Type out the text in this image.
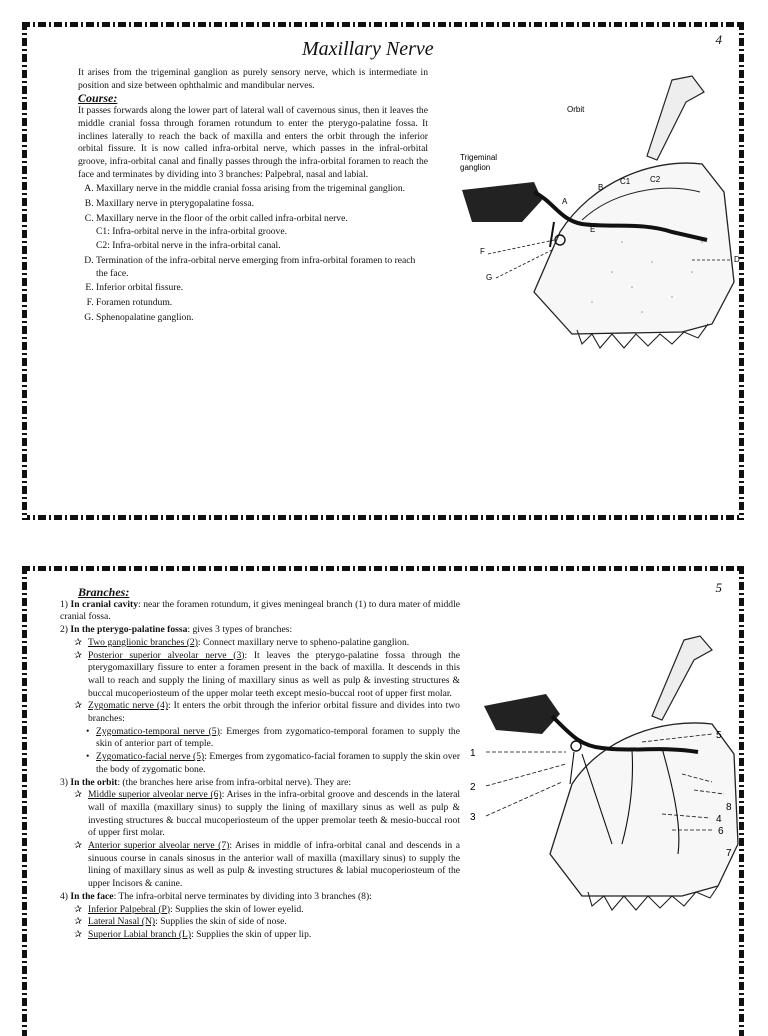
4
Maxillary Nerve

It arises from the trigeminal ganglion as purely sensory nerve, which is intermediate in position and size between ophthalmic and mandibular nerves.

Course:

It passes forwards along the lower part of lateral wall of cavernous sinus, then it leaves the middle cranial fossa through foramen rotundum to enter the pterygo-palatine fossa. It inclines laterally to reach the back of maxilla and enters the orbit through the inferior orbital fissure. It is now called infra-orbital nerve, which passes in the infral-orbital groove, infra-orbital canal and finally passes through the infra-orbital foramen to reach the face and terminates by dividing into 3 branches: Palpebral, nasal and labial.

A. Maxillary nerve in the middle cranial fossa arising from the trigeminal ganglion.
B. Maxillary nerve in pterygopalatine fossa.
C. Maxillary nerve in the floor of the orbit called infra-orbital nerve.
C1: Infra-orbital nerve in the infra-orbital groove.
C2: Infra-orbital nerve in the infra-orbital canal.
D. Termination of the infra-orbital nerve emerging from infra-orbital foramen to reach the face.
E. Inferior orbital fissure.
F. Foramen rotundum.
G. Sphenopalatine ganglion.
Orbit
Trigeminal
ganglion
A
B
C1 C2
D
E
F
G
5
Branches:

1) In cranial cavity: near the foramen rotundum, it gives meningeal branch (1) to dura mater of middle cranial fossa.

2) In the pterygo-palatine fossa: gives 3 types of branches:

✰ Two ganglionic branches (2): Connect maxillary nerve to spheno-palatine ganglion.

✰ Posterior superior alveolar nerve (3): It leaves the pterygo-palatine fossa through the pterygomaxillary fissure to enter a foramen present in the back of maxilla. It descends in this wall to reach and supply the lining of maxillary sinus as well as pulp & investing structures & buccal mucoperiosteum of the upper molar teeth except mesio-buccal root of upper first molar.

✰ Zygomatic nerve (4): It enters the orbit through the inferior orbital fissure and divides into two branches:

• Zygomatico-temporal nerve (5): Emerges from zygomatico-temporal foramen to supply the skin of anterior part of temple.

• Zygomatico-facial nerve (5): Emerges from zygomatico-facial foramen to supply the skin over the body of zygomatic bone.

3) In the orbit: (the branches here arise from infra-orbital nerve). They are:

✰ Middle superior alveolar nerve (6): Arises in the infra-orbital groove and descends in the lateral wall of maxilla (maxillary sinus) to supply the lining of maxillary sinus as well as pulp & investing structures & buccal mucoperiosteum of the upper premolar teeth & mesio-buccal root of upper first molar.

✰ Anterior superior alveolar nerve (7): Arises in middle of infra-orbital canal and descends in a sinuous course in canals sinosus in the anterior wall of maxilla (maxillary sinus) to supply the lining of maxillary sinus as well as pulp & investing structures & labial mucoperiosteum of the upper Incisors & canine.

4) In the face: The infra-orbital nerve terminates by dividing into 3 branches (8):

✰ Inferior Palpebral (P): Supplies the skin of lower eyelid.

✰ Lateral Nasal (N): Supplies the skin of side of nose.

✰ Superior Labial branch (L): Supplies the skin of upper lip.

1
2
3	4
5
6
7
8
